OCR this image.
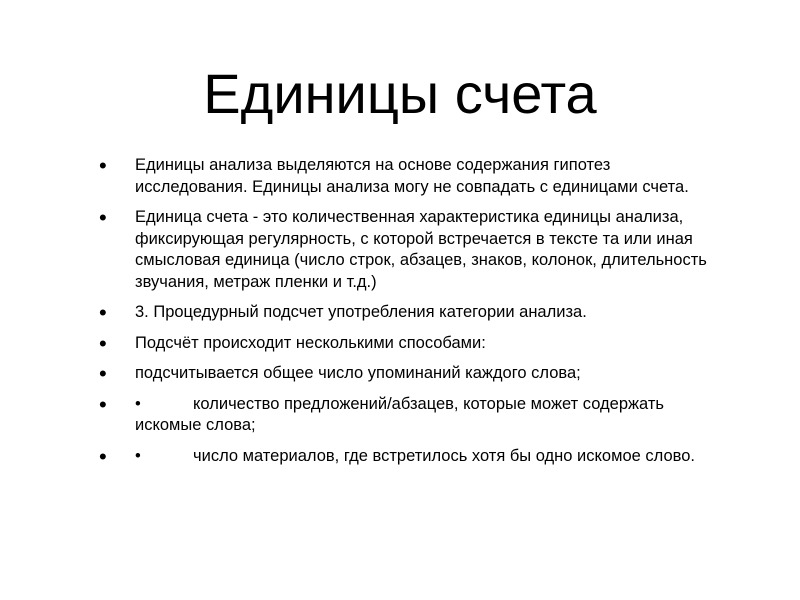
Единицы счета
•	Единицы анализа выделяются на основе содержания гипотез исследования. Единицы анализа могу не совпадать с единицами счета.
•	Единица счета - это количественная характеристика единицы анализа, фиксирующая регулярность, с которой встречается в тексте та или иная смысловая единица (число строк, абзацев, знаков, колонок, длительность звучания, метраж пленки и т.д.)
•	3. Процедурный подсчет употребления категории анализа.
•	Подсчёт происходит несколькими способами:
•	подсчитывается общее число упоминаний каждого слова;
•	•	количество предложений/абзацев, которые может содержать искомые слова;
•	•	число материалов, где встретилось хотя бы одно искомое слово.
